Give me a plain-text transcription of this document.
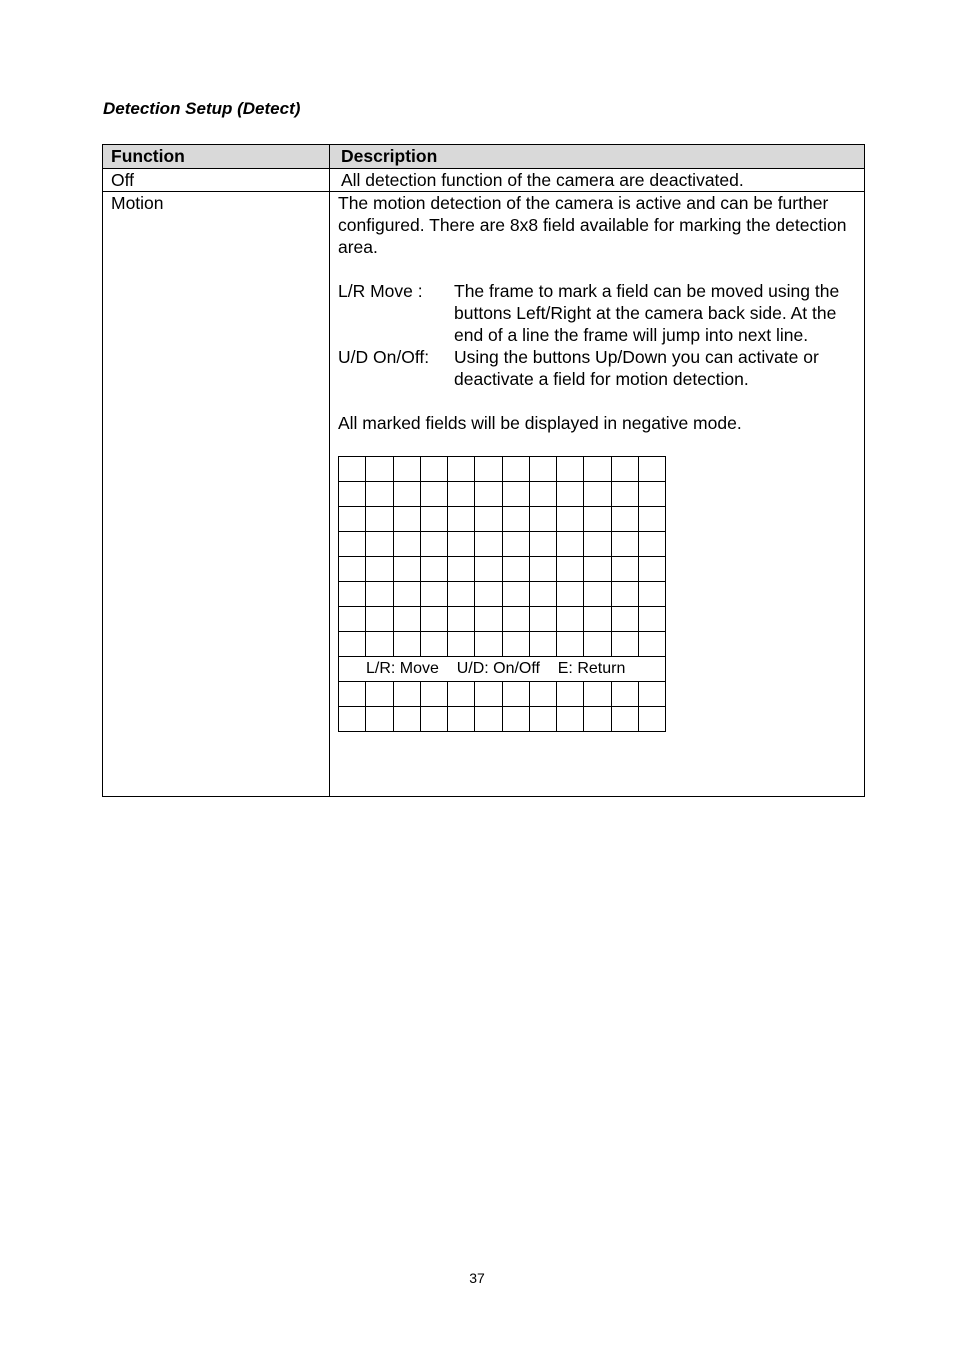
Detection Setup (Detect)
Function	Description
Off	All detection function of the camera are deactivated.
Motion	The motion detection of the camera is active and can be further configured. There are 8x8 field available for marking the detection area.

L/R Move :	The frame to mark a field can be moved using the buttons Left/Right at the camera back side. At the end of a line the frame will jump into next line.
U/D On/Off:	Using the buttons Up/Down you can activate or deactivate a field for motion detection.

All marked fields will be displayed in negative mode.

L/R: Move    U/D: On/Off    E: Return

37
